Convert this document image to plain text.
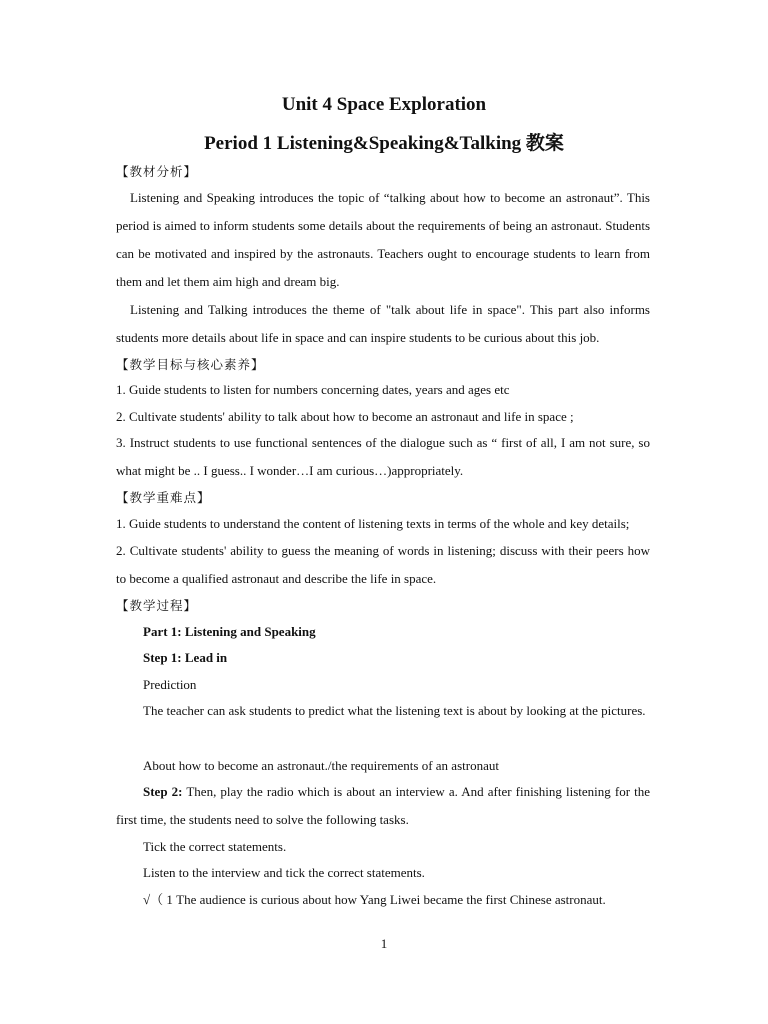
Unit 4 Space Exploration
Period 1 Listening&Speaking&Talking 教案

【教材分析】

Listening and Speaking introduces the topic of “talking about how to become an astronaut”. This period is aimed to inform students some details about the requirements of being an astronaut. Students can be motivated and inspired by the astronauts. Teachers ought to encourage students to learn from them and let them aim high and dream big.

Listening and Talking introduces the theme of "talk about life in space". This part also informs students more details about life in space and can inspire students to be curious about this job.

【教学目标与核心素养】

1. Guide students to listen for numbers concerning dates, years and ages etc

2. Cultivate students' ability to talk about how to become an astronaut and life in space ;

3. Instruct students to use functional sentences of the dialogue such as “ first of all, I am not sure, so what might be .. I guess.. I wonder…I am curious…)appropriately.

【教学重难点】

1. Guide students to understand the content of listening texts in terms of the whole and key details;

2. Cultivate students' ability to guess the meaning of words in listening; discuss with their peers how to become a qualified astronaut and describe the life in space.

【教学过程】

Part 1: Listening and Speaking

Step 1: Lead in

Prediction

The teacher can ask students to predict what the listening text is about by looking at the pictures.

About how to become an astronaut./the requirements of an astronaut

Step 2: Then, play the radio which is about an interview a. And after finishing listening for the first time, the students need to solve the following tasks.

Tick the correct statements.

Listen to the interview and tick the correct statements.

√（ 1 The audience is curious about how Yang Liwei became the first Chinese astronaut.

1
